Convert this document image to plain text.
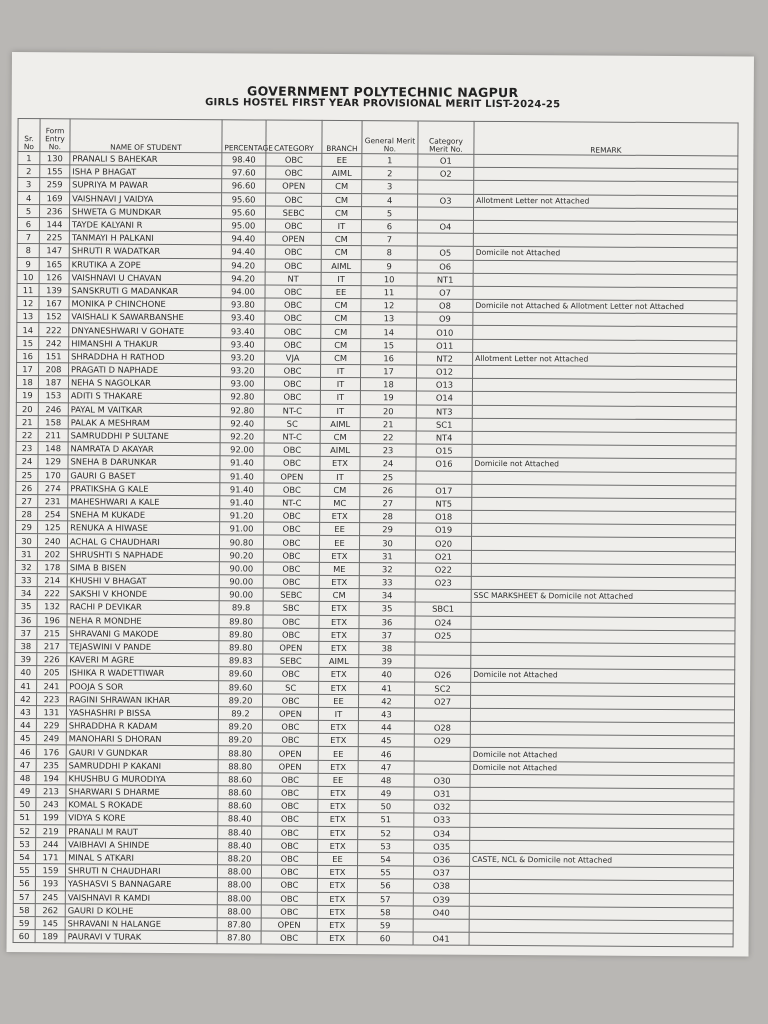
GOVERNMENT POLYTECHNIC NAGPUR
GIRLS HOSTEL FIRST YEAR PROVISIONAL MERIT LIST-2024-25
Sr. No	Form Entry No.	NAME OF STUDENT	PERCENTAGE	CATEGORY	BRANCH	General Merit No.	Category Merit No.	REMARK
1	130	PRANALI S BAHEKAR	98.40	OBC	EE	1	O1	
2	155	ISHA P BHAGAT	97.60	OBC	AIML	2	O2	
3	259	SUPRIYA M PAWAR	96.60	OPEN	CM	3		
4	169	VAISHNAVI J VAIDYA	95.60	OBC	CM	4	O3	Allotment Letter not Attached
5	236	SHWETA G MUNDKAR	95.60	SEBC	CM	5		
6	144	TAYDE KALYANI R	95.00	OBC	IT	6	O4	
7	225	TANMAYI H PALKANI	94.40	OPEN	CM	7		
8	147	SHRUTI R WADATKAR	94.40	OBC	CM	8	O5	Domicile not Attached
9	165	KRUTIKA A ZOPE	94.20	OBC	AIML	9	O6	
10	126	VAISHNAVI U CHAVAN	94.20	NT	IT	10	NT1	
11	139	SANSKRUTI G MADANKAR	94.00	OBC	EE	11	O7	
12	167	MONIKA P CHINCHONE	93.80	OBC	CM	12	O8	Domicile not Attached & Allotment Letter not Attached
13	152	VAISHALI K SAWARBANSHE	93.40	OBC	CM	13	O9	
14	222	DNYANESHWARI V GOHATE	93.40	OBC	CM	14	O10	
15	242	HIMANSHI A THAKUR	93.40	OBC	CM	15	O11	
16	151	SHRADDHA H RATHOD	93.20	VJA	CM	16	NT2	Allotment Letter not Attached
17	208	PRAGATI D NAPHADE	93.20	OBC	IT	17	O12	
18	187	NEHA S NAGOLKAR	93.00	OBC	IT	18	O13	
19	153	ADITI S THAKARE	92.80	OBC	IT	19	O14	
20	246	PAYAL M VAITKAR	92.80	NT-C	IT	20	NT3	
21	158	PALAK A MESHRAM	92.40	SC	AIML	21	SC1	
22	211	SAMRUDDHI P SULTANE	92.20	NT-C	CM	22	NT4	
23	148	NAMRATA D AKAYAR	92.00	OBC	AIML	23	O15	
24	129	SNEHA B DARUNKAR	91.40	OBC	ETX	24	O16	Domicile not Attached
25	170	GAURI G BASET	91.40	OPEN	IT	25		
26	274	PRATIKSHA G KALE	91.40	OBC	CM	26	O17	
27	231	MAHESHWARI A KALE	91.40	NT-C	MC	27	NT5	
28	254	SNEHA M KUKADE	91.20	OBC	ETX	28	O18	
29	125	RENUKA A HIWASE	91.00	OBC	EE	29	O19	
30	240	ACHAL G CHAUDHARI	90.80	OBC	EE	30	O20	
31	202	SHRUSHTI S NAPHADE	90.20	OBC	ETX	31	O21	
32	178	SIMA B BISEN	90.00	OBC	ME	32	O22	
33	214	KHUSHI V BHAGAT	90.00	OBC	ETX	33	O23	
34	222	SAKSHI V KHONDE	90.00	SEBC	CM	34		SSC MARKSHEET & Domicile not Attached
35	132	RACHI P DEVIKAR	89.8	SBC	ETX	35	SBC1	
36	196	NEHA R MONDHE	89.80	OBC	ETX	36	O24	
37	215	SHRAVANI G MAKODE	89.80	OBC	ETX	37	O25	
38	217	TEJASWINI V PANDE	89.80	OPEN	ETX	38		
39	226	KAVERI M AGRE	89.83	SEBC	AIML	39		
40	205	ISHIKA R WADETTIWAR	89.60	OBC	ETX	40	O26	Domicile not Attached
41	241	POOJA S SOR	89.60	SC	ETX	41	SC2	
42	223	RAGINI SHRAWAN IKHAR	89.20	OBC	EE	42	O27	
43	131	YASHASHRI P BISSA	89.2	OPEN	IT	43		
44	229	SHRADDHA R KADAM	89.20	OBC	ETX	44	O28	
45	249	MANOHARI S DHORAN	89.20	OBC	ETX	45	O29	
46	176	GAURI V GUNDKAR	88.80	OPEN	EE	46		Domicile not Attached
47	235	SAMRUDDHI P KAKANI	88.80	OPEN	ETX	47		Domicile not Attached
48	194	KHUSHBU G MURODIYA	88.60	OBC	EE	48	O30	
49	213	SHARWARI S DHARME	88.60	OBC	ETX	49	O31	
50	243	KOMAL S ROKADE	88.60	OBC	ETX	50	O32	
51	199	VIDYA S KORE	88.40	OBC	ETX	51	O33	
52	219	PRANALI M RAUT	88.40	OBC	ETX	52	O34	
53	244	VAIBHAVI A SHINDE	88.40	OBC	ETX	53	O35	
54	171	MINAL S ATKARI	88.20	OBC	EE	54	O36	CASTE, NCL & Domicile not Attached
55	159	SHRUTI N CHAUDHARI	88.00	OBC	ETX	55	O37	
56	193	YASHASVI S BANNAGARE	88.00	OBC	ETX	56	O38	
57	245	VAISHNAVI R KAMDI	88.00	OBC	ETX	57	O39	
58	262	GAURI D KOLHE	88.00	OBC	ETX	58	O40	
59	145	SHRAVANI N HALANGE	87.80	OPEN	ETX	59		
60	189	PAURAVI V TURAK	87.80	OBC	ETX	60	O41	
